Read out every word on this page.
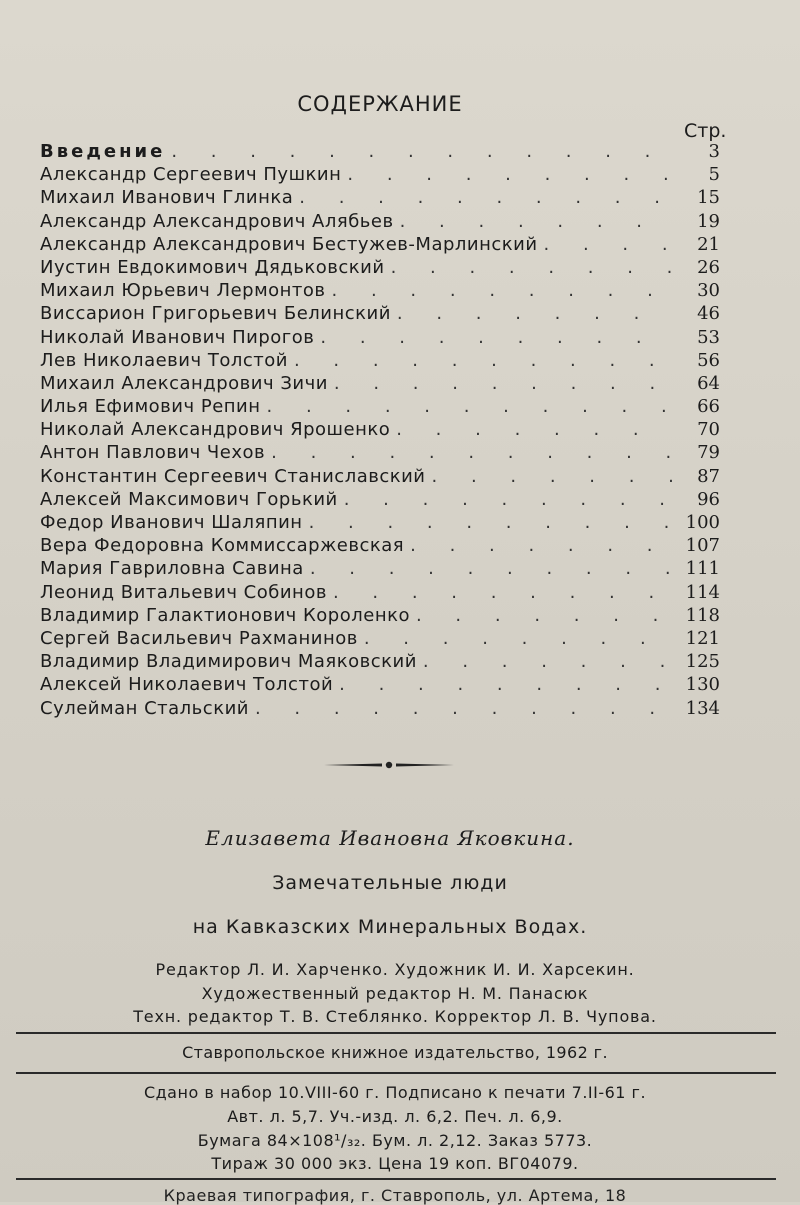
СОДЕРЖАНИЕ
Стр.
Введение . . .	3
Александр Сергеевич Пушкин . . .	5
Михаил Иванович Глинка . . .	15
Александр Александрович Алябьев . . .	19
Александр Александрович Бестужев-Марлинский . . .	21
Иустин Евдокимович Дядьковский . . .	26
Михаил Юрьевич Лермонтов . . .	30
Виссарион Григорьевич Белинский . . .	46
Николай Иванович Пирогов . . .	53
Лев Николаевич Толстой . . .	56
Михаил Александрович Зичи . . .	64
Илья Ефимович Репин . . .	66
Николай Александрович Ярошенко . . .	70
Антон Павлович Чехов . . .	79
Константин Сергеевич Станиславский . . .	87
Алексей Максимович Горький . . .	96
Федор Иванович Шаляпин . . .	100
Вера Федоровна Коммиссаржевская . . .	107
Мария Гавриловна Савина . . .	111
Леонид Витальевич Собинов . . .	114
Владимир Галактионович Короленко . . .	118
Сергей Васильевич Рахманинов . . .	121
Владимир Владимирович Маяковский . . .	125
Алексей Николаевич Толстой . . .	130
Сулейман Стальский . . .	134
Елизавета Ивановна Яковкина.
Замечательные люди
на Кавказских Минеральных Водах.
Редактор Л. И. Харченко. Художник И. И. Харсекин.
Художественный редактор Н. М. Панасюк
Техн. редактор Т. В. Стеблянко. Корректор Л. В. Чупова.
Ставропольское книжное издательство, 1962 г.
Сдано в набор 10.VIII-60 г. Подписано к печати 7.II-61 г.
Авт. л. 5,7. Уч.-изд. л. 6,2. Печ. л. 6,9.
Бумага 84×108¹/₃₂. Бум. л. 2,12. Заказ 5773.
Тираж 30 000 экз. Цена 19 коп. ВГ04079.
Краевая типография, г. Ставрополь, ул. Артема, 18
